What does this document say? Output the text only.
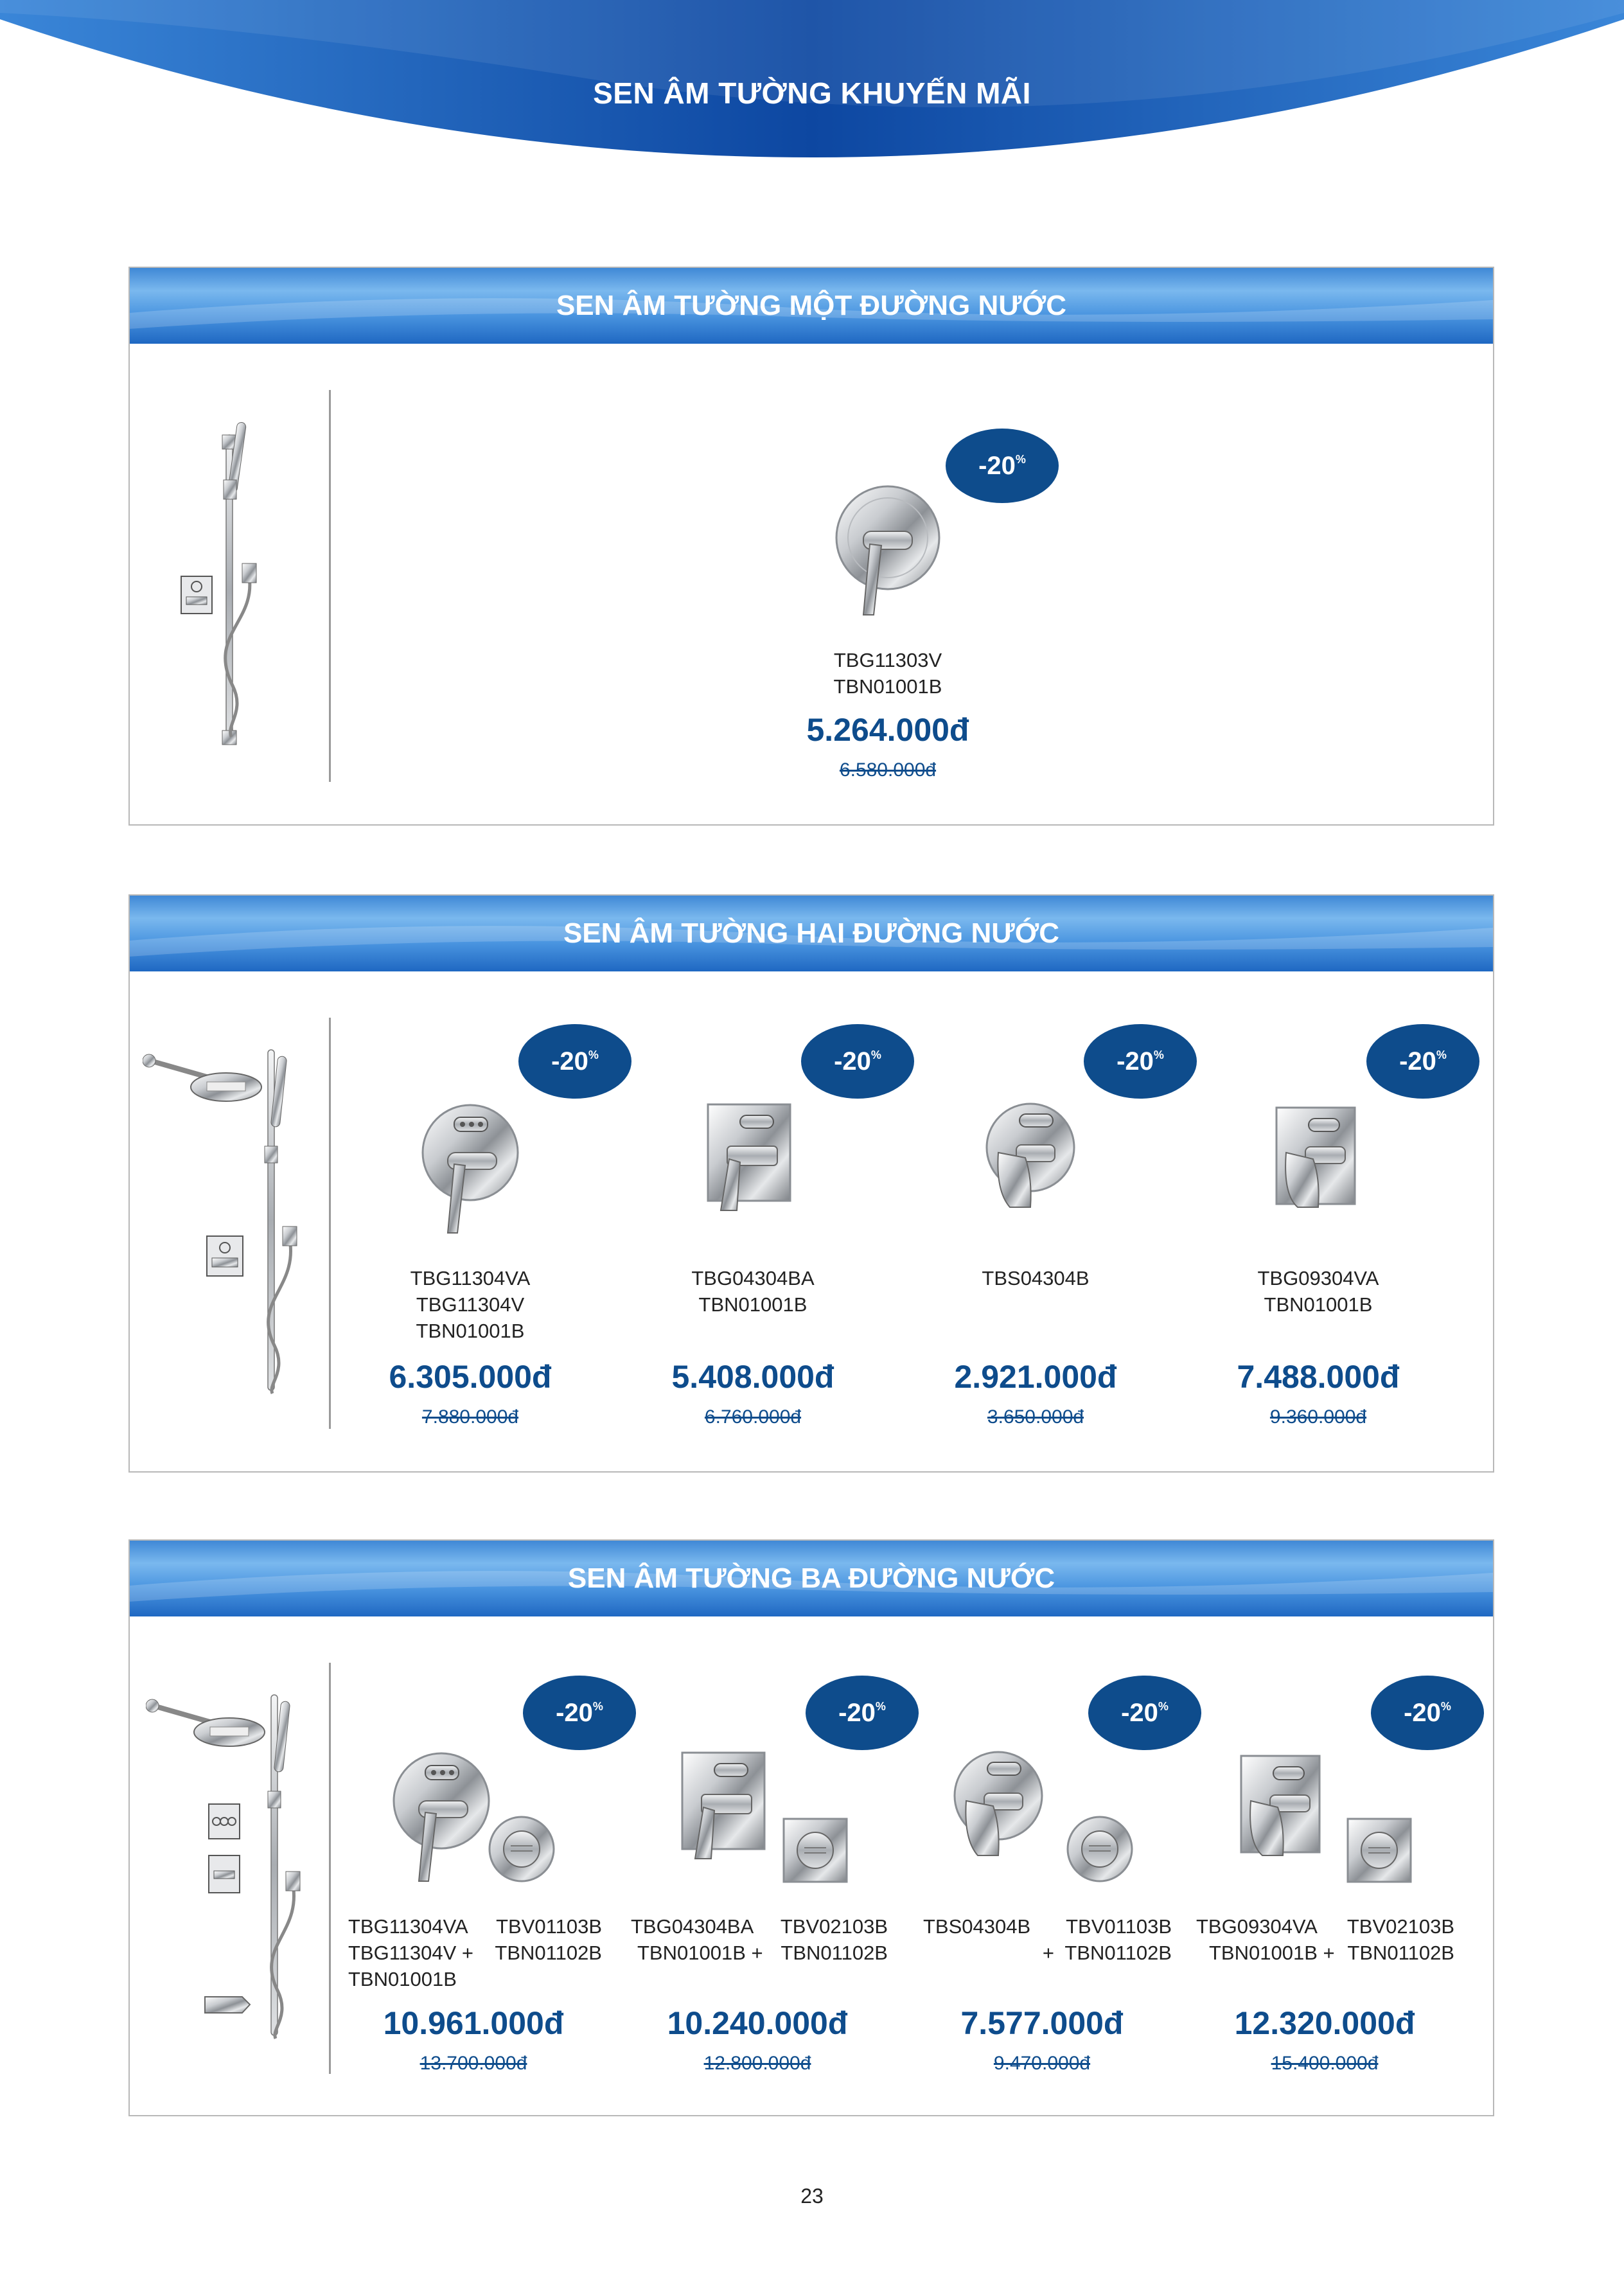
SEN ÂM TƯỜNG KHUYẾN MÃI
SEN ÂM TƯỜNG MỘT ĐƯỜNG NƯỚC
-20%
TBG11303V
TBN01001B
5.264.000đ
6.580.000đ
SEN ÂM TƯỜNG HAI ĐƯỜNG NƯỚC
-20%
TBG11304VA
TBG11304V
TBN01001B
6.305.000đ
7.880.000đ
-20%
TBG04304BA
TBN01001B
5.408.000đ
6.760.000đ
-20%
TBS04304B
2.921.000đ
3.650.000đ
-20%
TBG09304VA
TBN01001B
7.488.000đ
9.360.000đ
SEN ÂM TƯỜNG BA ĐƯỜNG NƯỚC
-20%
TBG11304VA
TBG11304V +
TBN01001B
TBV01103B
TBN01102B
10.961.000đ
13.700.000đ
-20%
TBG04304BA
TBN01001B +
TBV02103B
TBN01102B
10.240.000đ
12.800.000đ
-20%
TBS04304B
+
TBV01103B
TBN01102B
7.577.000đ
9.470.000đ
-20%
TBG09304VA
TBN01001B +
TBV02103B
TBN01102B
12.320.000đ
15.400.000đ
23
